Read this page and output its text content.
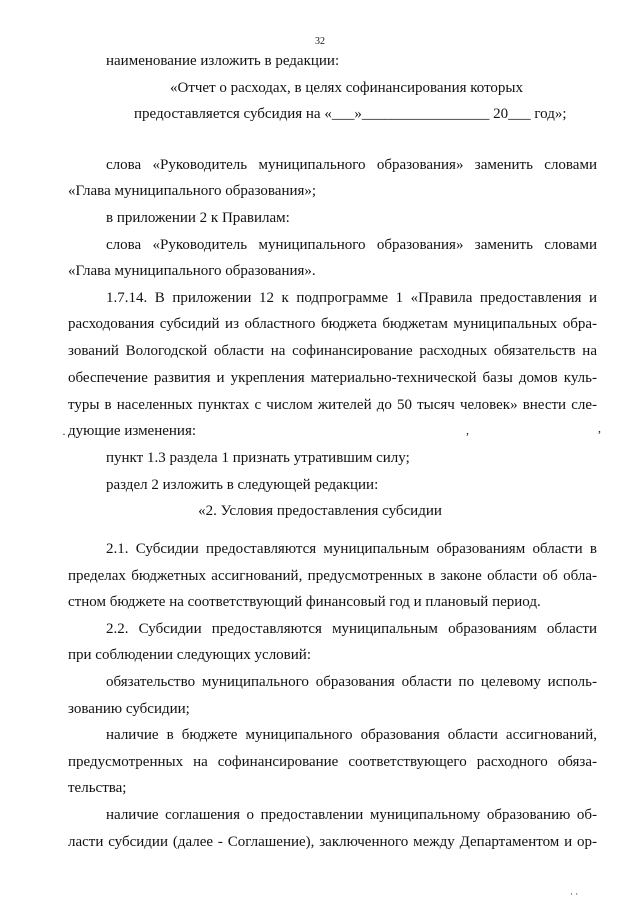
32
наименование изложить в редакции:
«Отчет о расходах, в целях софинансирования которых
предоставляется субсидия на «___»_________________ 20___ год»;
слова «Руководитель муниципального образования» заменить словами
«Глава муниципального образования»;
в приложении 2 к Правилам:
слова «Руководитель муниципального образования» заменить словами
«Глава муниципального образования».
1.7.14. В приложении 12 к подпрограмме 1 «Правила предоставления и
расходования субсидий из областного бюджета бюджетам муниципальных обра-
зований Вологодской области на софинансирование расходных обязательств на
обеспечение развития и укрепления материально-технической базы домов куль-
туры в населенных пунктах с числом жителей до 50 тысяч человек» внести сле-
дующие изменения:
·	,	,
пункт 1.3 раздела 1 признать утратившим силу;
раздел 2 изложить в следующей редакции:
«2. Условия предоставления субсидии
2.1. Субсидии предоставляются муниципальным образованиям области в
пределах бюджетных ассигнований, предусмотренных в законе области об обла-
стном бюджете на соответствующий финансовый год и плановый период.
2.2. Субсидии предоставляются муниципальным образованиям области
при соблюдении следующих условий:
обязательство муниципального образования области по целевому исполь-
зованию субсидии;
наличие в бюджете муниципального образования области ассигнований,
предусмотренных на софинансирование соответствующего расходного обяза-
тельства;
наличие соглашения о предоставлении муниципальному образованию об-
ласти субсидии (далее - Соглашение), заключенного между Департаментом и ор-
· ·
